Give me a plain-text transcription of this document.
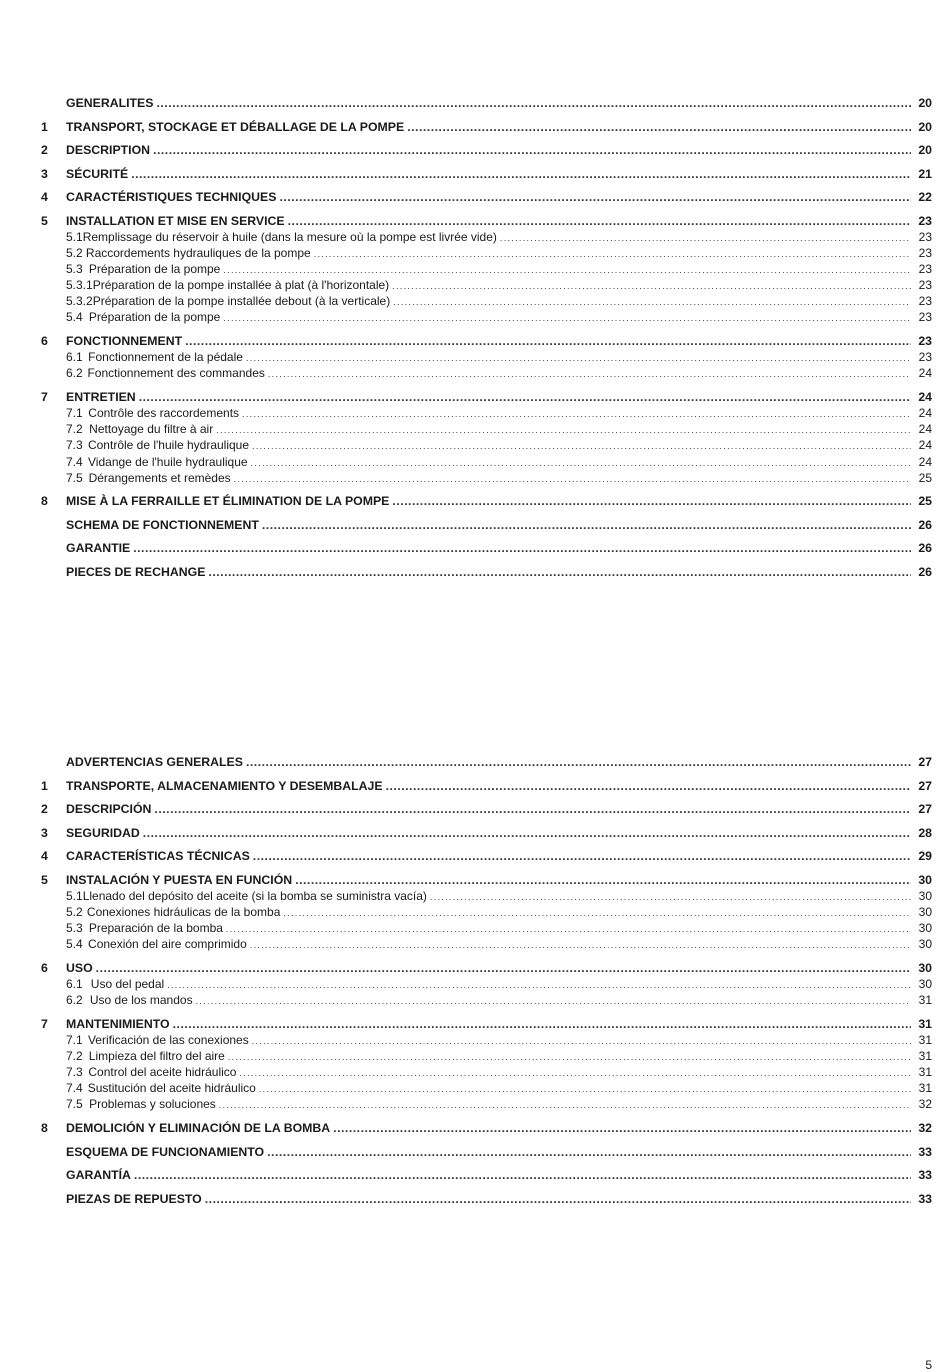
GENERALITES .....	20
1 TRANSPORT, STOCKAGE ET DÉBALLAGE DE LA POMPE .....	20
2 DESCRIPTION .....	20
3 SÉCURITÉ .....	21
4 CARACTÉRISTIQUES TECHNIQUES .....	22
5 INSTALLATION ET MISE EN SERVICE .....	23
5.1 Remplissage du réservoir à huile (dans la mesure où la pompe est livrée vide) .....	23
5.2 Raccordements hydrauliques de la pompe .....	23
5.3 Préparation de la pompe .....	23
5.3.1 Préparation de la pompe installée à plat (à l'horizontale) .....	23
5.3.2 Préparation de la pompe installée debout (à la verticale) .....	23
5.4 Préparation de la pompe .....	23
6 FONCTIONNEMENT .....	23
6.1 Fonctionnement de la pédale .....	23
6.2 Fonctionnement des commandes .....	24
7 ENTRETIEN .....	24
7.1 Contrôle des raccordements .....	24
7.2 Nettoyage du filtre à air .....	24
7.3 Contrôle de l'huile hydraulique .....	24
7.4 Vidange de l'huile hydraulique .....	24
7.5 Dérangements et remèdes .....	25
8 MISE À LA FERRAILLE ET ÉLIMINATION DE LA POMPE .....	25
SCHEMA DE FONCTIONNEMENT .....	26
GARANTIE .....	26
PIECES DE RECHANGE .....	26
ADVERTENCIAS GENERALES .....	27
1 TRANSPORTE, ALMACENAMIENTO Y DESEMBALAJE .....	27
2 DESCRIPCIÓN .....	27
3 SEGURIDAD .....	28
4 CARACTERÍSTICAS TÉCNICAS .....	29
5 INSTALACIÓN Y PUESTA EN FUNCIÓN .....	30
5.1 Llenado del depósito del aceite (si la bomba se suministra vacía) .....	30
5.2 Conexiones hidráulicas de la bomba .....	30
5.3 Preparación de la bomba .....	30
5.4 Conexión del aire comprimido .....	30
6 USO .....	30
6.1 Uso del pedal .....	30
6.2 Uso de los mandos .....	31
7 MANTENIMIENTO .....	31
7.1 Verificación de las conexiones .....	31
7.2 Limpieza del filtro del aire .....	31
7.3 Control del aceite hidráulico .....	31
7.4 Sustitución del aceite hidráulico .....	31
7.5 Problemas y soluciones .....	32
8 DEMOLICIÓN Y ELIMINACIÓN DE LA BOMBA .....	32
ESQUEMA DE FUNCIONAMIENTO .....	33
GARANTÍA .....	33
PIEZAS DE REPUESTO .....	33
5
